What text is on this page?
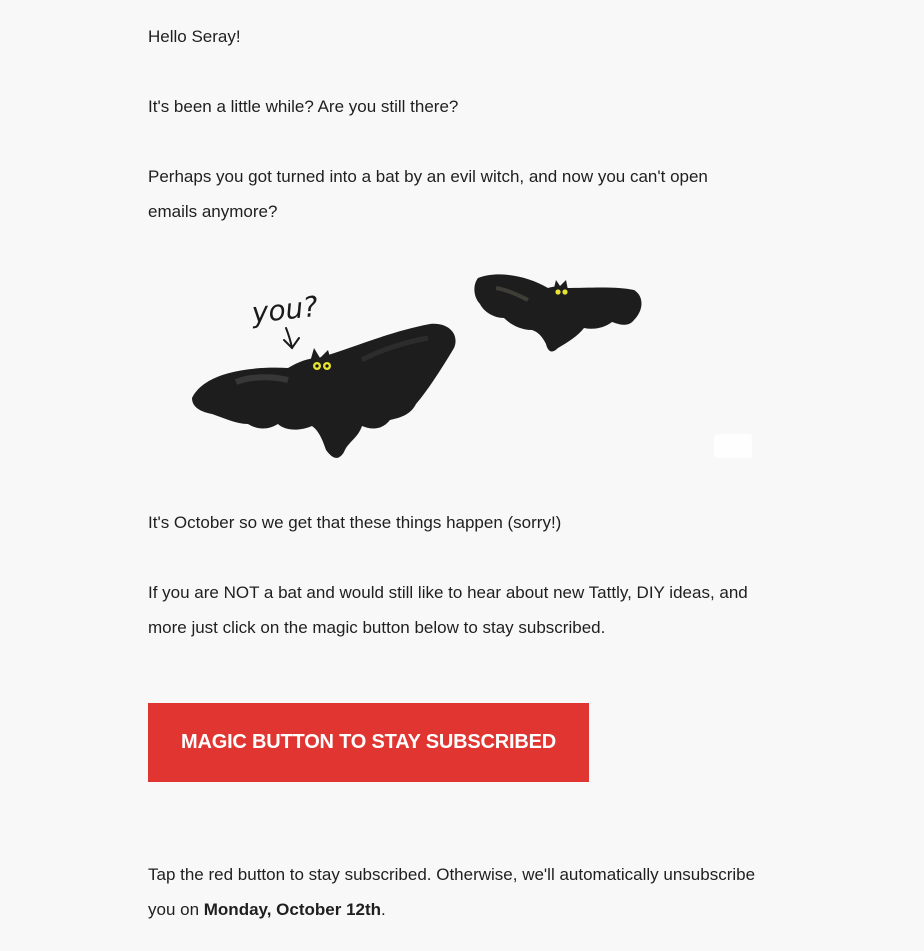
Hello Seray!

It's been a little while? Are you still there?

Perhaps you got turned into a bat by an evil witch, and now you can't open emails anymore?

you?

It's October so we get that these things happen (sorry!)

If you are NOT a bat and would still like to hear about new Tattly, DIY ideas, and more just click on the magic button below to stay subscribed.

MAGIC BUTTON TO STAY SUBSCRIBED

Tap the red button to stay subscribed. Otherwise, we'll automatically unsubscribe you on Monday, October 12th.
